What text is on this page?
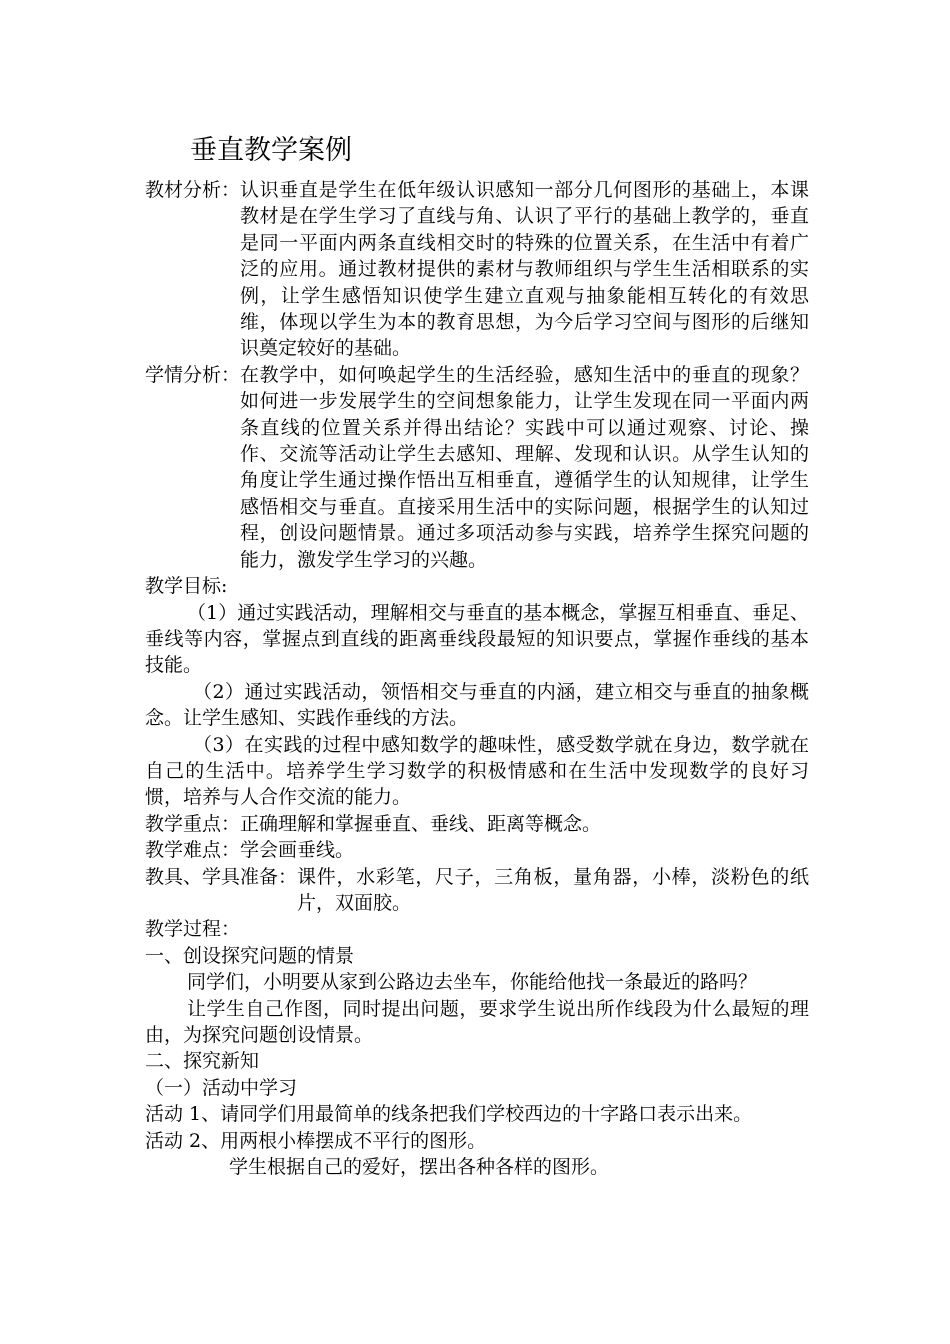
垂直教学案例
教材分析： 认识垂直是学生在低年级认识感知一部分几何图形的基础上，本课教材是在学生学习了直线与角、认识了平行的基础上教学的，垂直是同一平面内两条直线相交时的特殊的位置关系，在生活中有着广泛的应用。通过教材提供的素材与教师组织与学生生活相联系的实例，让学生感悟知识使学生建立直观与抽象能相互转化的有效思维，体现以学生为本的教育思想，为今后学习空间与图形的后继知识奠定较好的基础。
学情分析： 在教学中，如何唤起学生的生活经验，感知生活中的垂直的现象？如何进一步发展学生的空间想象能力，让学生发现在同一平面内两条直线的位置关系并得出结论？实践中可以通过观察、讨论、操作、交流等活动让学生去感知、理解、发现和认识。从学生认知的角度让学生通过操作悟出互相垂直，遵循学生的认知规律，让学生感悟相交与垂直。直接采用生活中的实际问题，根据学生的认知过程，创设问题情景。通过多项活动参与实践，培养学生探究问题的能力，激发学生学习的兴趣。

教学目标:

（1）通过实践活动，理解相交与垂直的基本概念，掌握互相垂直、垂足、垂线等内容，掌握点到直线的距离垂线段最短的知识要点，掌握作垂线的基本技能。

（2）通过实践活动，领悟相交与垂直的内涵，建立相交与垂直的抽象概念。让学生感知、实践作垂线的方法。

（3）在实践的过程中感知数学的趣味性，感受数学就在身边，数学就在自己的生活中。培养学生学习数学的积极情感和在生活中发现数学的良好习惯，培养与人合作交流的能力。

教学重点：正确理解和掌握垂直、垂线、距离等概念。

教学难点：学会画垂线。

教具、学具准备： 课件，水彩笔，尺子，三角板，量角器，小棒，淡粉色的纸片，双面胶。

教学过程：

一、创设探究问题的情景

同学们，小明要从家到公路边去坐车，你能给他找一条最近的路吗？

让学生自己作图，同时提出问题，要求学生说出所作线段为什么最短的理由，为探究问题创设情景。

二、探究新知

（一）活动中学习

活动 1、请同学们用最简单的线条把我们学校西边的十字路口表示出来。

活动 2、用两根小棒摆成不平行的图形。

学生根据自己的爱好，摆出各种各样的图形。
